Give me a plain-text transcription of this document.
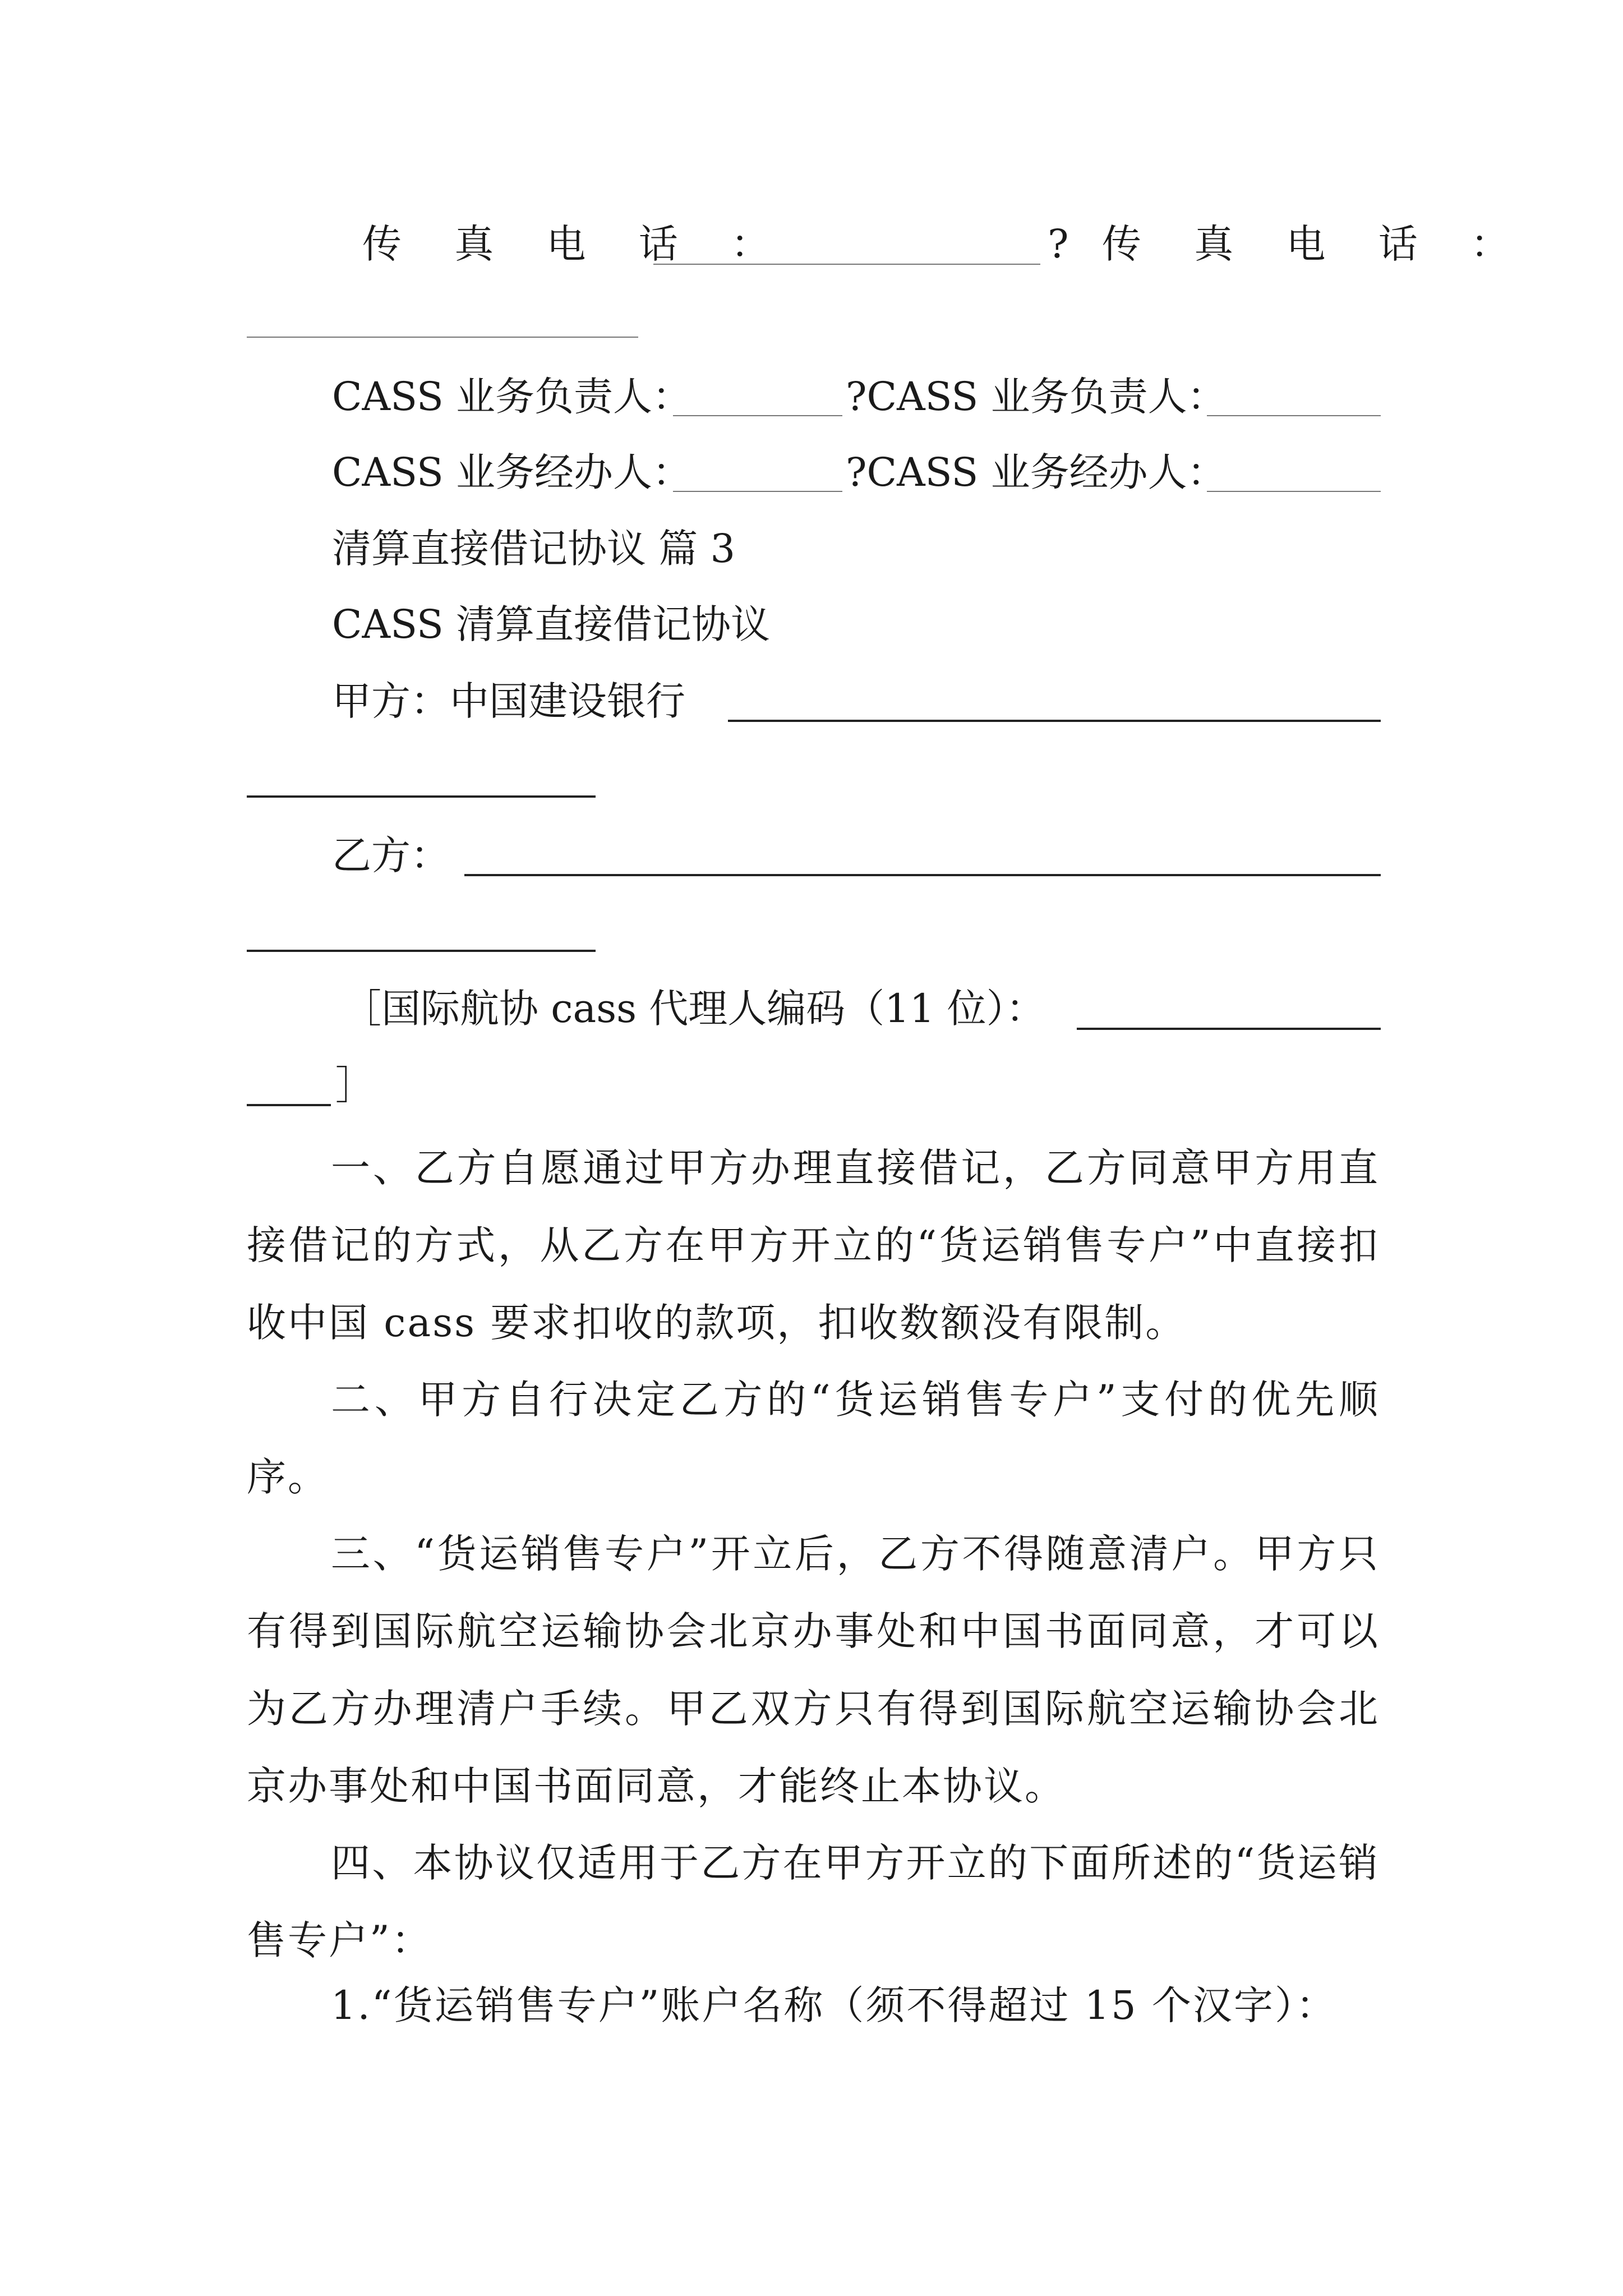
传 真 电 话 ：	? 传 真 电 话 ：
CASS 业务负责人：	?CASS 业务负责人：
CASS 业务经办人：	?CASS 业务经办人：
清算直接借记协议 篇 3
CASS 清算直接借记协议
甲方：中国建设银行
乙方：
［国际航协 cass 代理人编码（11 位）：
］
一、乙方自愿通过甲方办理直接借记，乙方同意甲方用直接借记的方式，从乙方在甲方开立的“货运销售专户”中直接扣收中国 cass 要求扣收的款项，扣收数额没有限制。
二、甲方自行决定乙方的“货运销售专户”支付的优先顺序。
三、“货运销售专户”开立后，乙方不得随意清户。甲方只有得到国际航空运输协会北京办事处和中国书面同意，才可以为乙方办理清户手续。甲乙双方只有得到国际航空运输协会北京办事处和中国书面同意，才能终止本协议。
四、本协议仅适用于乙方在甲方开立的下面所述的“货运销售专户”：
1.“货运销售专户”账户名称（须不得超过 15 个汉字）：
